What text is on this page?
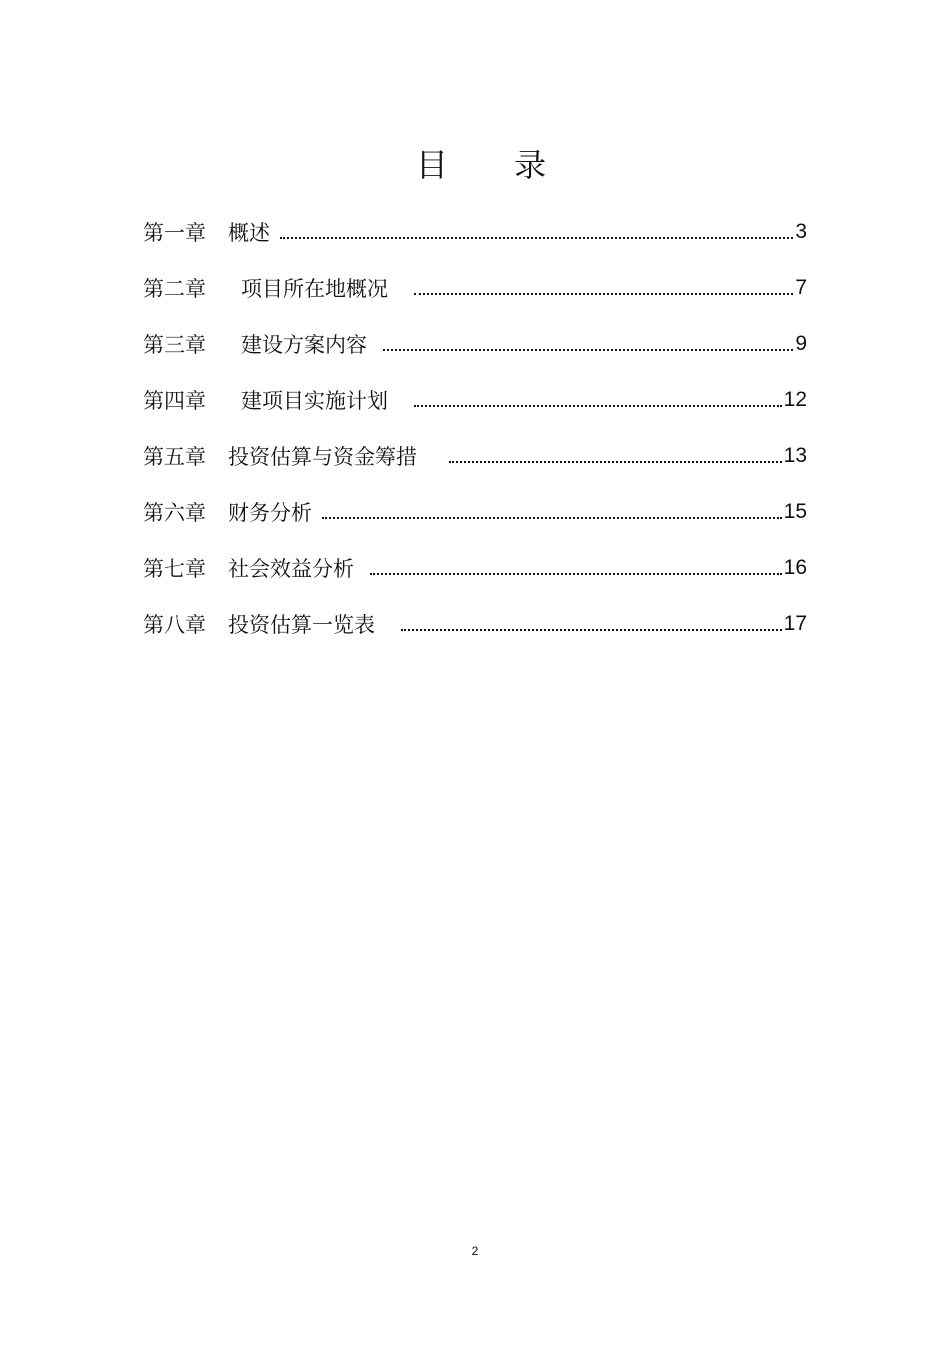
目 录
第一章 概述	3
第二章 项目所在地概况	7
第三章 建设方案内容	9
第四章 建项目实施计划	12
第五章 投资估算与资金筹措	13
第六章 财务分析	15
第七章 社会效益分析	16
第八章 投资估算一览表	17
2
